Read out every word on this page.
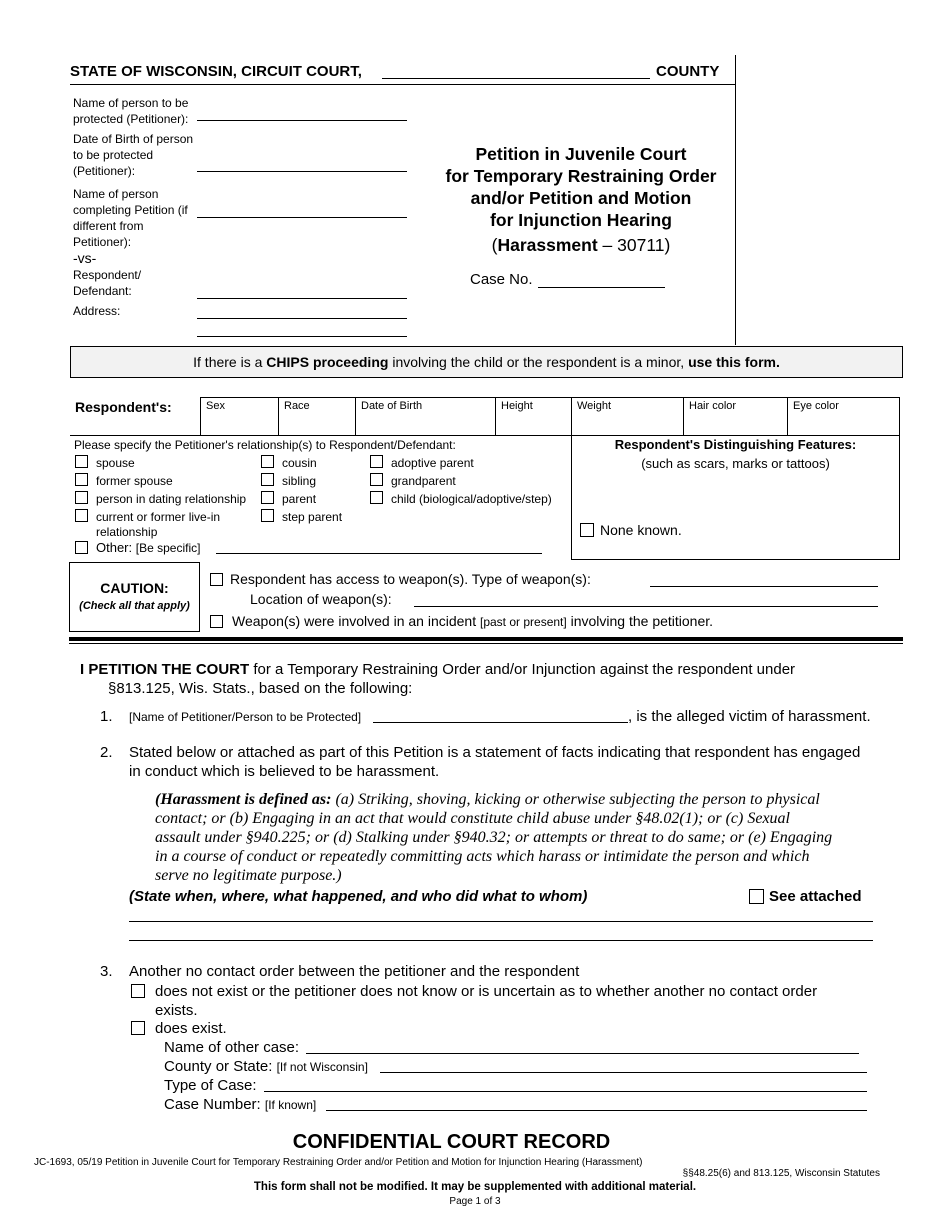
STATE OF WISCONSIN, CIRCUIT COURT,	COUNTY
Name of person to be protected (Petitioner):
Date of Birth of person to be protected (Petitioner):
Name of person completing Petition (if different from Petitioner):
-vs-
Respondent/ Defendant:
Address:
Petition in Juvenile Court
for Temporary Restraining Order
and/or Petition and Motion
for Injunction Hearing
(Harassment – 30711)
Case No.
If there is a CHIPS proceeding involving the child or the respondent is a minor, use this form.
Respondent's:	Sex	Race	Date of Birth	Height	Weight	Hair color	Eye color
Please specify the Petitioner's relationship(s) to Respondent/Defendant:
spouse
former spouse
person in dating relationship
current or former live-in relationship
cousin
sibling
parent
step parent
adoptive parent
grandparent
child (biological/adoptive/step)
Other: [Be specific]
Respondent's Distinguishing Features:
(such as scars, marks or tattoos)
None known.
CAUTION:
(Check all that apply)
Respondent has access to weapon(s). Type of weapon(s):
Location of weapon(s):
Weapon(s) were involved in an incident [past or present] involving the petitioner.
I PETITION THE COURT for a Temporary Restraining Order and/or Injunction against the respondent under
§813.125, Wis. Stats., based on the following:
1. [Name of Petitioner/Person to be Protected]	, is the alleged victim of harassment.
2. Stated below or attached as part of this Petition is a statement of facts indicating that respondent has engaged
in conduct which is believed to be harassment.
(Harassment is defined as: (a) Striking, shoving, kicking or otherwise subjecting the person to physical
contact; or (b) Engaging in an act that would constitute child abuse under §48.02(1); or (c) Sexual
assault under §940.225; or (d) Stalking under §940.32; or attempts or threat to do same; or (e) Engaging
in a course of conduct or repeatedly committing acts which harass or intimidate the person and which
serve no legitimate purpose.)
(State when, where, what happened, and who did what to whom)	See attached
3. Another no contact order between the petitioner and the respondent
does not exist or the petitioner does not know or is uncertain as to whether another no contact order
exists.
does exist.
Name of other case:
County or State: [If not Wisconsin]
Type of Case:
Case Number: [If known]
CONFIDENTIAL COURT RECORD
JC-1693, 05/19 Petition in Juvenile Court for Temporary Restraining Order and/or Petition and Motion for Injunction Hearing (Harassment)
§§48.25(6) and 813.125, Wisconsin Statutes
This form shall not be modified. It may be supplemented with additional material.
Page 1 of 3
